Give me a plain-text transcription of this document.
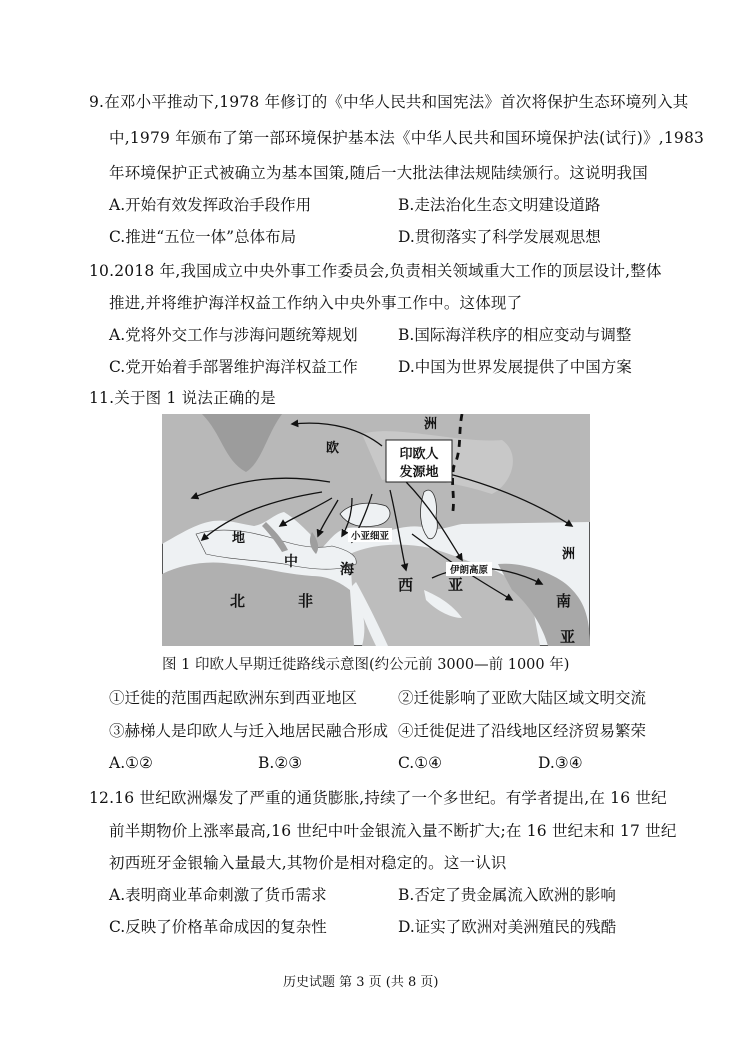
9.在邓小平推动下,1978 年修订的《中华人民共和国宪法》首次将保护生态环境列入其
中,1979 年颁布了第一部环境保护基本法《中华人民共和国环境保护法(试行)》,1983
年环境保护正式被确立为基本国策,随后一大批法律法规陆续颁行。这说明我国
A.开始有效发挥政治手段作用	B.走法治化生态文明建设道路
C.推进“五位一体”总体布局	D.贯彻落实了科学发展观思想
10.2018 年,我国成立中央外事工作委员会,负责相关领域重大工作的顶层设计,整体
推进,并将维护海洋权益工作纳入中央外事工作中。这体现了
A.党将外交工作与涉海问题统筹规划	B.国际海洋秩序的相应变动与调整
C.党开始着手部署维护海洋权益工作	D.中国为世界发展提供了中国方案
11.关于图 1 说法正确的是
印欧人
发源地
欧
洲
小亚细亚
伊朗高原
地
中	海
北	非
西 亚
洲
南
亚
图 1 印欧人早期迁徙路线示意图(约公元前 3000—前 1000 年)
①迁徙的范围西起欧洲东到西亚地区	②迁徙影响了亚欧大陆区域文明交流
③赫梯人是印欧人与迁入地居民融合形成 ④迁徙促进了沿线地区经济贸易繁荣
A.①②	B.②③	C.①④	D.③④
12.16 世纪欧洲爆发了严重的通货膨胀,持续了一个多世纪。有学者提出,在 16 世纪
前半期物价上涨率最高,16 世纪中叶金银流入量不断扩大;在 16 世纪末和 17 世纪
初西班牙金银输入量最大,其物价是相对稳定的。这一认识
A.表明商业革命刺激了货币需求	B.否定了贵金属流入欧洲的影响
C.反映了价格革命成因的复杂性	D.证实了欧洲对美洲殖民的残酷
历史试题 第 3 页 (共 8 页)
